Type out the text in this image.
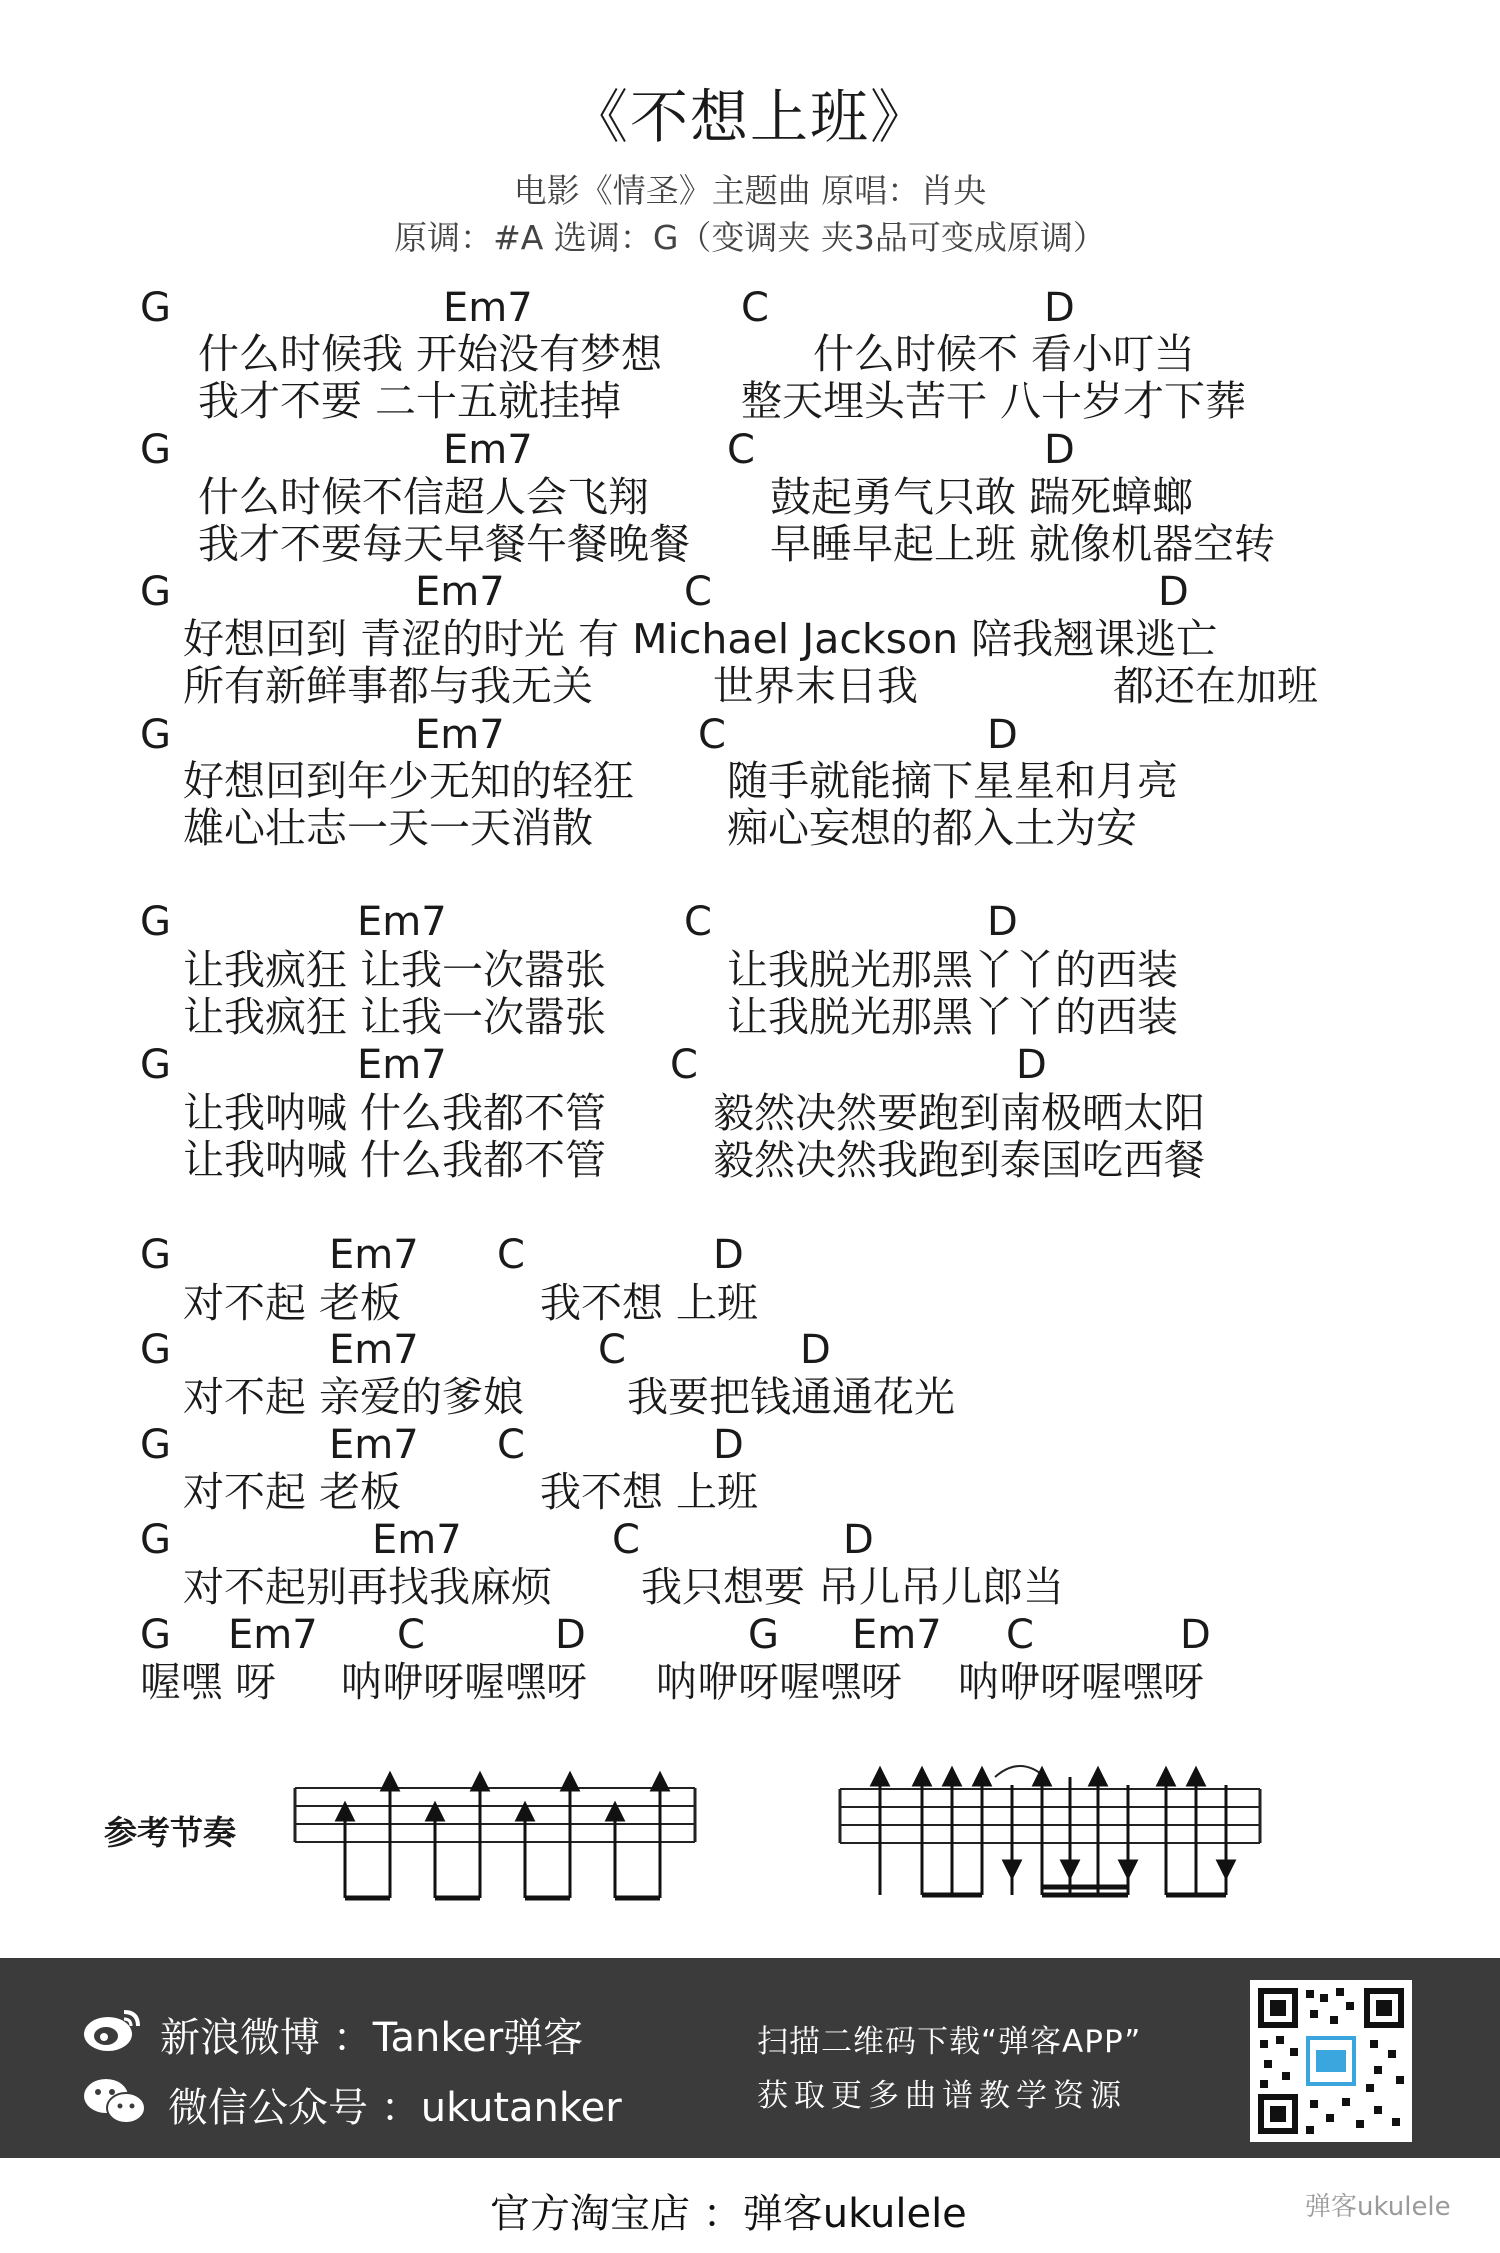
《不想上班》
电影《情圣》主题曲 原唱：肖央
原调：#A 选调：G（变调夹 夹3品可变成原调）
G	Em7	C	D
什么时候我 开始没有梦想	什么时候不 看小叮当
我才不要 二十五就挂掉	整天埋头苦干 八十岁才下葬
G	Em7	C	D
什么时候不信超人会飞翔	鼓起勇气只敢 踹死蟑螂
我才不要每天早餐午餐晚餐 早睡早起上班 就像机器空转
G	Em7	C	D
好想回到 青涩的时光 有 Michael Jackson 陪我翘课逃亡
所有新鲜事都与我无关	世界末日我	都还在加班
G	Em7	C	D
好想回到年少无知的轻狂 随手就能摘下星星和月亮
雄心壮志一天一天消散	痴心妄想的都入土为安
G	Em7	C	D
让我疯狂 让我一次嚣张	让我脱光那黑丫丫的西装
让我疯狂 让我一次嚣张	让我脱光那黑丫丫的西装
G	Em7	C	D
让我呐喊 什么我都不管	毅然决然要跑到南极晒太阳
让我呐喊 什么我都不管	毅然决然我跑到泰国吃西餐
G	Em7 C	D
对不起 老板	我不想 上班
G	Em7	C	D
对不起 亲爱的爹娘	我要把钱通通花光
G	Em7 C	D
对不起 老板	我不想 上班
G	Em7	C	D
对不起别再找我麻烦 我只想要 吊儿吊儿郎当
G Em7 C	D	G Em7 C	D
喔嘿 呀 呐咿呀喔嘿呀 呐咿呀喔嘿呀 呐咿呀喔嘿呀
参考节奏
新浪微博 ：Tanker弹客
微信公众号 ：ukutanker
扫描二维码下载“弹客APP”
获取更多曲谱教学资源
官方淘宝店 ：弹客ukulele	弹客ukulele
